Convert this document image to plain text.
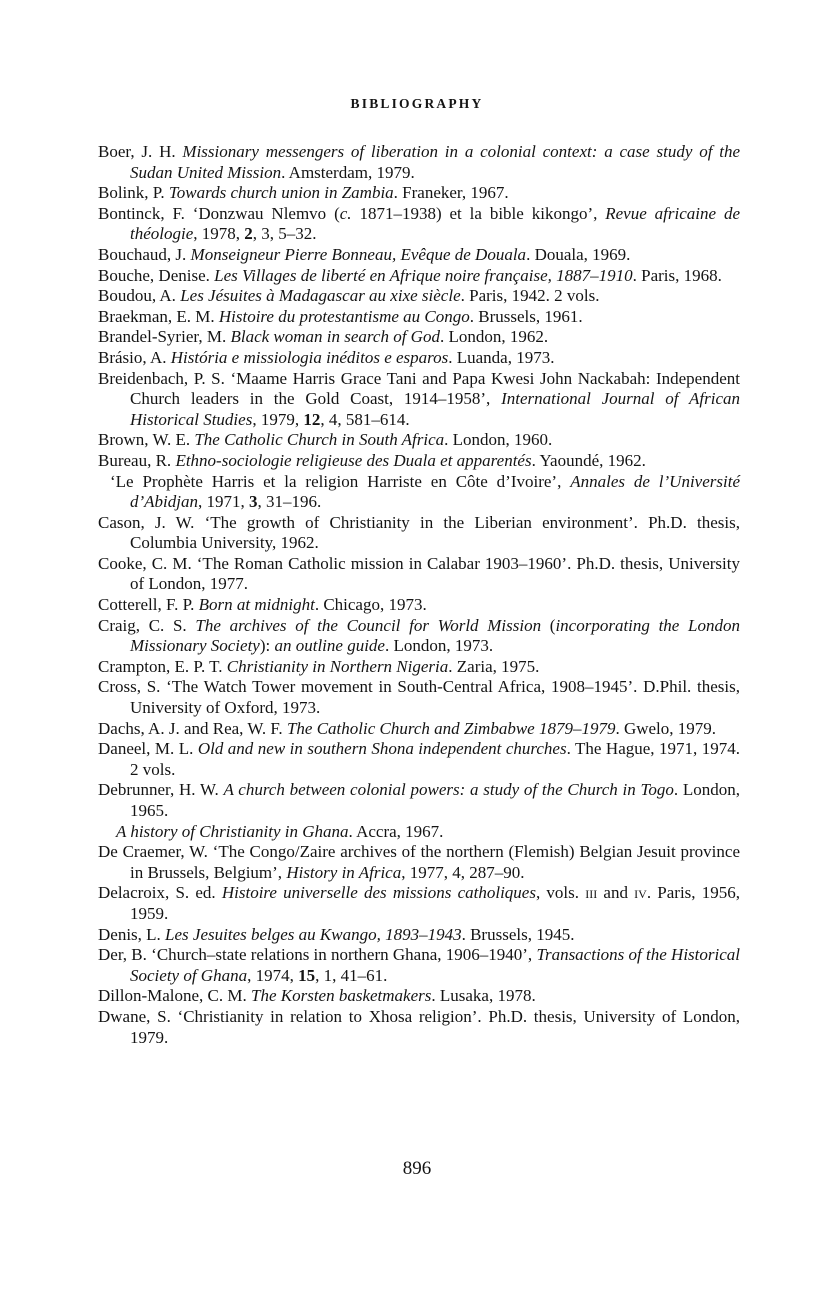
BIBLIOGRAPHY
Boer, J. H. Missionary messengers of liberation in a colonial context: a case study of the Sudan United Mission. Amsterdam, 1979.
Bolink, P. Towards church union in Zambia. Franeker, 1967.
Bontinck, F. ‘Donzwau Nlemvo (c. 1871–1938) et la bible kikongo’, Revue africaine de théologie, 1978, 2, 3, 5–32.
Bouchaud, J. Monseigneur Pierre Bonneau, Evêque de Douala. Douala, 1969.
Bouche, Denise. Les Villages de liberté en Afrique noire française, 1887–1910. Paris, 1968.
Boudou, A. Les Jésuites à Madagascar au xixe siècle. Paris, 1942. 2 vols.
Braekman, E. M. Histoire du protestantisme au Congo. Brussels, 1961.
Brandel-Syrier, M. Black woman in search of God. London, 1962.
Brásio, A. História e missiologia inéditos e esparos. Luanda, 1973.
Breidenbach, P. S. ‘Maame Harris Grace Tani and Papa Kwesi John Nackabah: Independent Church leaders in the Gold Coast, 1914–1958’, International Journal of African Historical Studies, 1979, 12, 4, 581–614.
Brown, W. E. The Catholic Church in South Africa. London, 1960.
Bureau, R. Ethno-sociologie religieuse des Duala et apparentés. Yaoundé, 1962.
‘Le Prophète Harris et la religion Harriste en Côte d’Ivoire’, Annales de l’Université d’Abidjan, 1971, 3, 31–196.
Cason, J. W. ‘The growth of Christianity in the Liberian environment’. Ph.D. thesis, Columbia University, 1962.
Cooke, C. M. ‘The Roman Catholic mission in Calabar 1903–1960’. Ph.D. thesis, University of London, 1977.
Cotterell, F. P. Born at midnight. Chicago, 1973.
Craig, C. S. The archives of the Council for World Mission (incorporating the London Missionary Society): an outline guide. London, 1973.
Crampton, E. P. T. Christianity in Northern Nigeria. Zaria, 1975.
Cross, S. ‘The Watch Tower movement in South-Central Africa, 1908–1945’. D.Phil. thesis, University of Oxford, 1973.
Dachs, A. J. and Rea, W. F. The Catholic Church and Zimbabwe 1879–1979. Gwelo, 1979.
Daneel, M. L. Old and new in southern Shona independent churches. The Hague, 1971, 1974. 2 vols.
Debrunner, H. W. A church between colonial powers: a study of the Church in Togo. London, 1965.
A history of Christianity in Ghana. Accra, 1967.
De Craemer, W. ‘The Congo/Zaire archives of the northern (Flemish) Belgian Jesuit province in Brussels, Belgium’, History in Africa, 1977, 4, 287–90.
Delacroix, S. ed. Histoire universelle des missions catholiques, vols. iii and iv. Paris, 1956, 1959.
Denis, L. Les Jesuites belges au Kwango, 1893–1943. Brussels, 1945.
Der, B. ‘Church–state relations in northern Ghana, 1906–1940’, Transactions of the Historical Society of Ghana, 1974, 15, 1, 41–61.
Dillon-Malone, C. M. The Korsten basketmakers. Lusaka, 1978.
Dwane, S. ‘Christianity in relation to Xhosa religion’. Ph.D. thesis, University of London, 1979.
896
